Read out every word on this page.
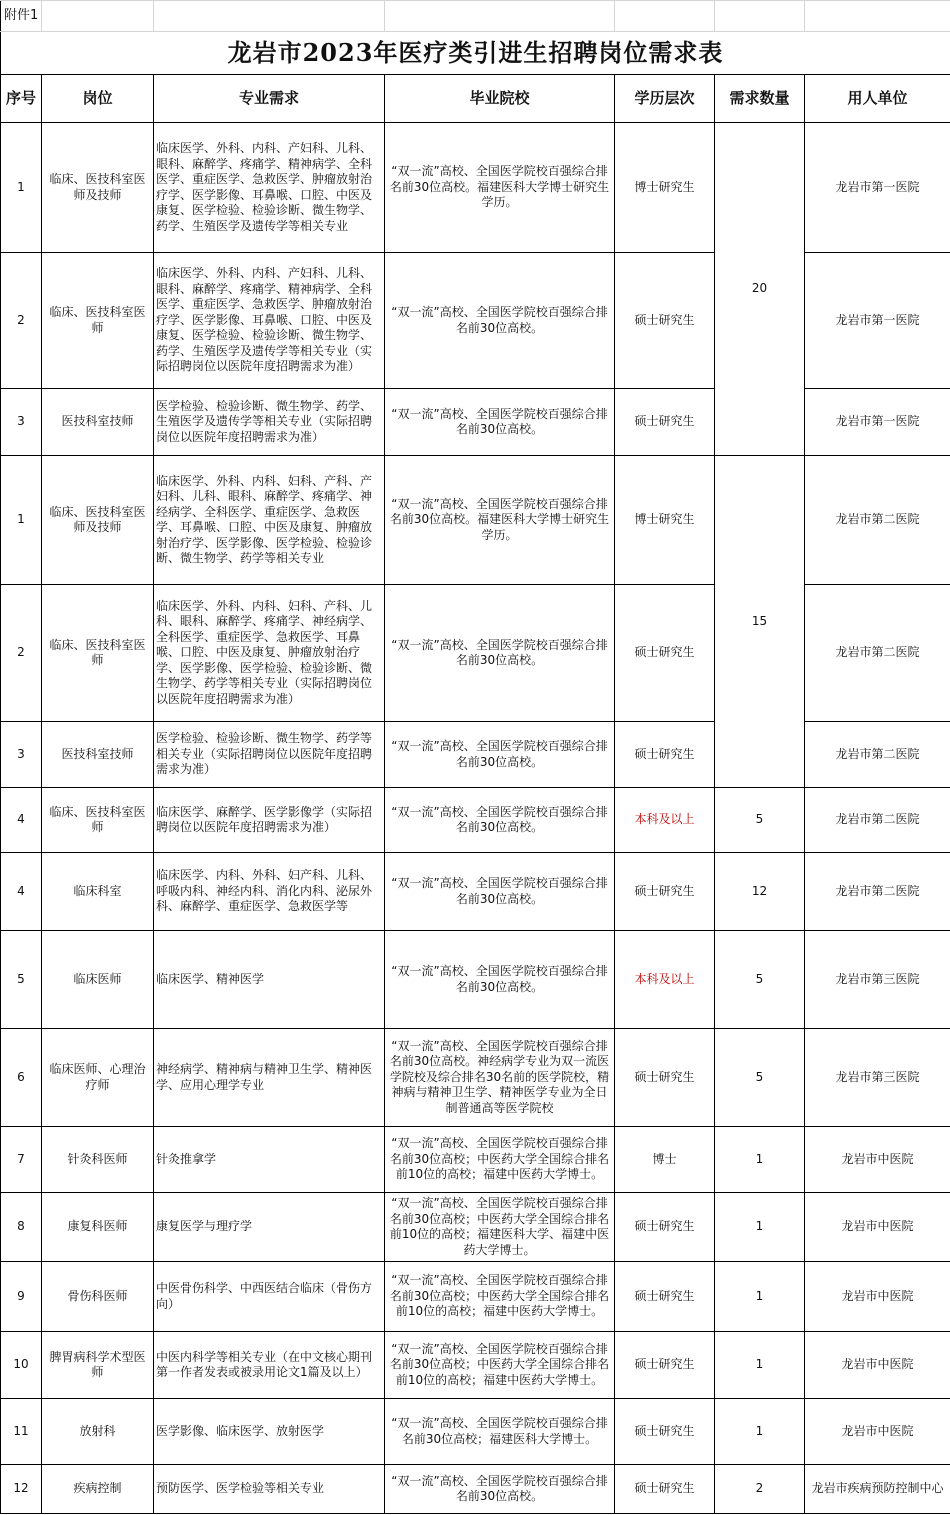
附件1						
龙岩市2023年医疗类引进生招聘岗位需求表						
序号	岗位	专业需求	毕业院校	学历层次	需求数量	用人单位
1	临床、医技科室医师及技师	临床医学、外科、内科、产妇科、儿科、眼科、麻醉学、疼痛学、精神病学、全科医学、重症医学、急救医学、肿瘤放射治疗学、医学影像、耳鼻喉、口腔、中医及康复、医学检验、检验诊断、微生物学、药学、生殖医学及遗传学等相关专业	“双一流”高校、全国医学院校百强综合排名前30位高校。福建医科大学博士研究生学历。	博士研究生	20	龙岩市第一医院
2	临床、医技科室医师	临床医学、外科、内科、产妇科、儿科、眼科、麻醉学、疼痛学、精神病学、全科医学、重症医学、急救医学、肿瘤放射治疗学、医学影像、耳鼻喉、口腔、中医及康复、医学检验、检验诊断、微生物学、药学、生殖医学及遗传学等相关专业（实际招聘岗位以医院年度招聘需求为准）	“双一流”高校、全国医学院校百强综合排名前30位高校。	硕士研究生		龙岩市第一医院
3	医技科室技师	医学检验、检验诊断、微生物学、药学、生殖医学及遗传学等相关专业（实际招聘岗位以医院年度招聘需求为准）	“双一流”高校、全国医学院校百强综合排名前30位高校。	硕士研究生		龙岩市第一医院
1	临床、医技科室医师及技师	临床医学、外科、内科、妇科、产科、产妇科、儿科、眼科、麻醉学、疼痛学、神经病学、全科医学、重症医学、急救医学、耳鼻喉、口腔、中医及康复、肿瘤放射治疗学、医学影像、医学检验、检验诊断、微生物学、药学等相关专业	“双一流”高校、全国医学院校百强综合排名前30位高校。福建医科大学博士研究生学历。	博士研究生	15	龙岩市第二医院
2	临床、医技科室医师	临床医学、外科、内科、妇科、产科、儿科、眼科、麻醉学、疼痛学、神经病学、全科医学、重症医学、急救医学、耳鼻喉、口腔、中医及康复、肿瘤放射治疗学、医学影像、医学检验、检验诊断、微生物学、药学等相关专业（实际招聘岗位以医院年度招聘需求为准）	“双一流”高校、全国医学院校百强综合排名前30位高校。	硕士研究生		龙岩市第二医院
3	医技科室技师	医学检验、检验诊断、微生物学、药学等相关专业（实际招聘岗位以医院年度招聘需求为准）	“双一流”高校、全国医学院校百强综合排名前30位高校。	硕士研究生		龙岩市第二医院
4	临床、医技科室医师	临床医学、麻醉学、医学影像学（实际招聘岗位以医院年度招聘需求为准）	“双一流”高校、全国医学院校百强综合排名前30位高校。	本科及以上	5	龙岩市第二医院
4	临床科室	临床医学、内科、外科、妇产科、儿科、呼吸内科、神经内科、消化内科、泌尿外科、麻醉学、重症医学、急救医学等	“双一流”高校、全国医学院校百强综合排名前30位高校。	硕士研究生	12	龙岩市第二医院
5	临床医师	临床医学、精神医学	“双一流”高校、全国医学院校百强综合排名前30位高校。	本科及以上	5	龙岩市第三医院
6	临床医师、心理治疗师	神经病学、精神病与精神卫生学、精神医学、应用心理学专业	“双一流”高校、全国医学院校百强综合排名前30位高校。神经病学专业为双一流医学院校及综合排名30名前的医学院校，精神病与精神卫生学、精神医学专业为全日制普通高等医学院校	硕士研究生	5	龙岩市第三医院
7	针灸科医师	针灸推拿学	“双一流”高校、全国医学院校百强综合排名前30位高校；中医药大学全国综合排名前10位的高校；福建中医药大学博士。	博士	1	龙岩市中医院
8	康复科医师	康复医学与理疗学	“双一流”高校、全国医学院校百强综合排名前30位高校；中医药大学全国综合排名前10位的高校；福建医科大学、福建中医药大学博士。	硕士研究生	1	龙岩市中医院
9	骨伤科医师	中医骨伤科学、中西医结合临床（骨伤方向）	“双一流”高校、全国医学院校百强综合排名前30位高校；中医药大学全国综合排名前10位的高校；福建中医药大学博士。	硕士研究生	1	龙岩市中医院
10	脾胃病科学术型医师	中医内科学等相关专业（在中文核心期刊第一作者发表或被录用论文1篇及以上）	“双一流”高校、全国医学院校百强综合排名前30位高校；中医药大学全国综合排名前10位的高校；福建中医药大学博士。	硕士研究生	1	龙岩市中医院
11	放射科	医学影像、临床医学、放射医学	“双一流”高校、全国医学院校百强综合排名前30位高校；福建医科大学博士。	硕士研究生	1	龙岩市中医院
12	疾病控制	预防医学、医学检验等相关专业	“双一流”高校、全国医学院校百强综合排名前30位高校。	硕士研究生	2	龙岩市疾病预防控制中心
